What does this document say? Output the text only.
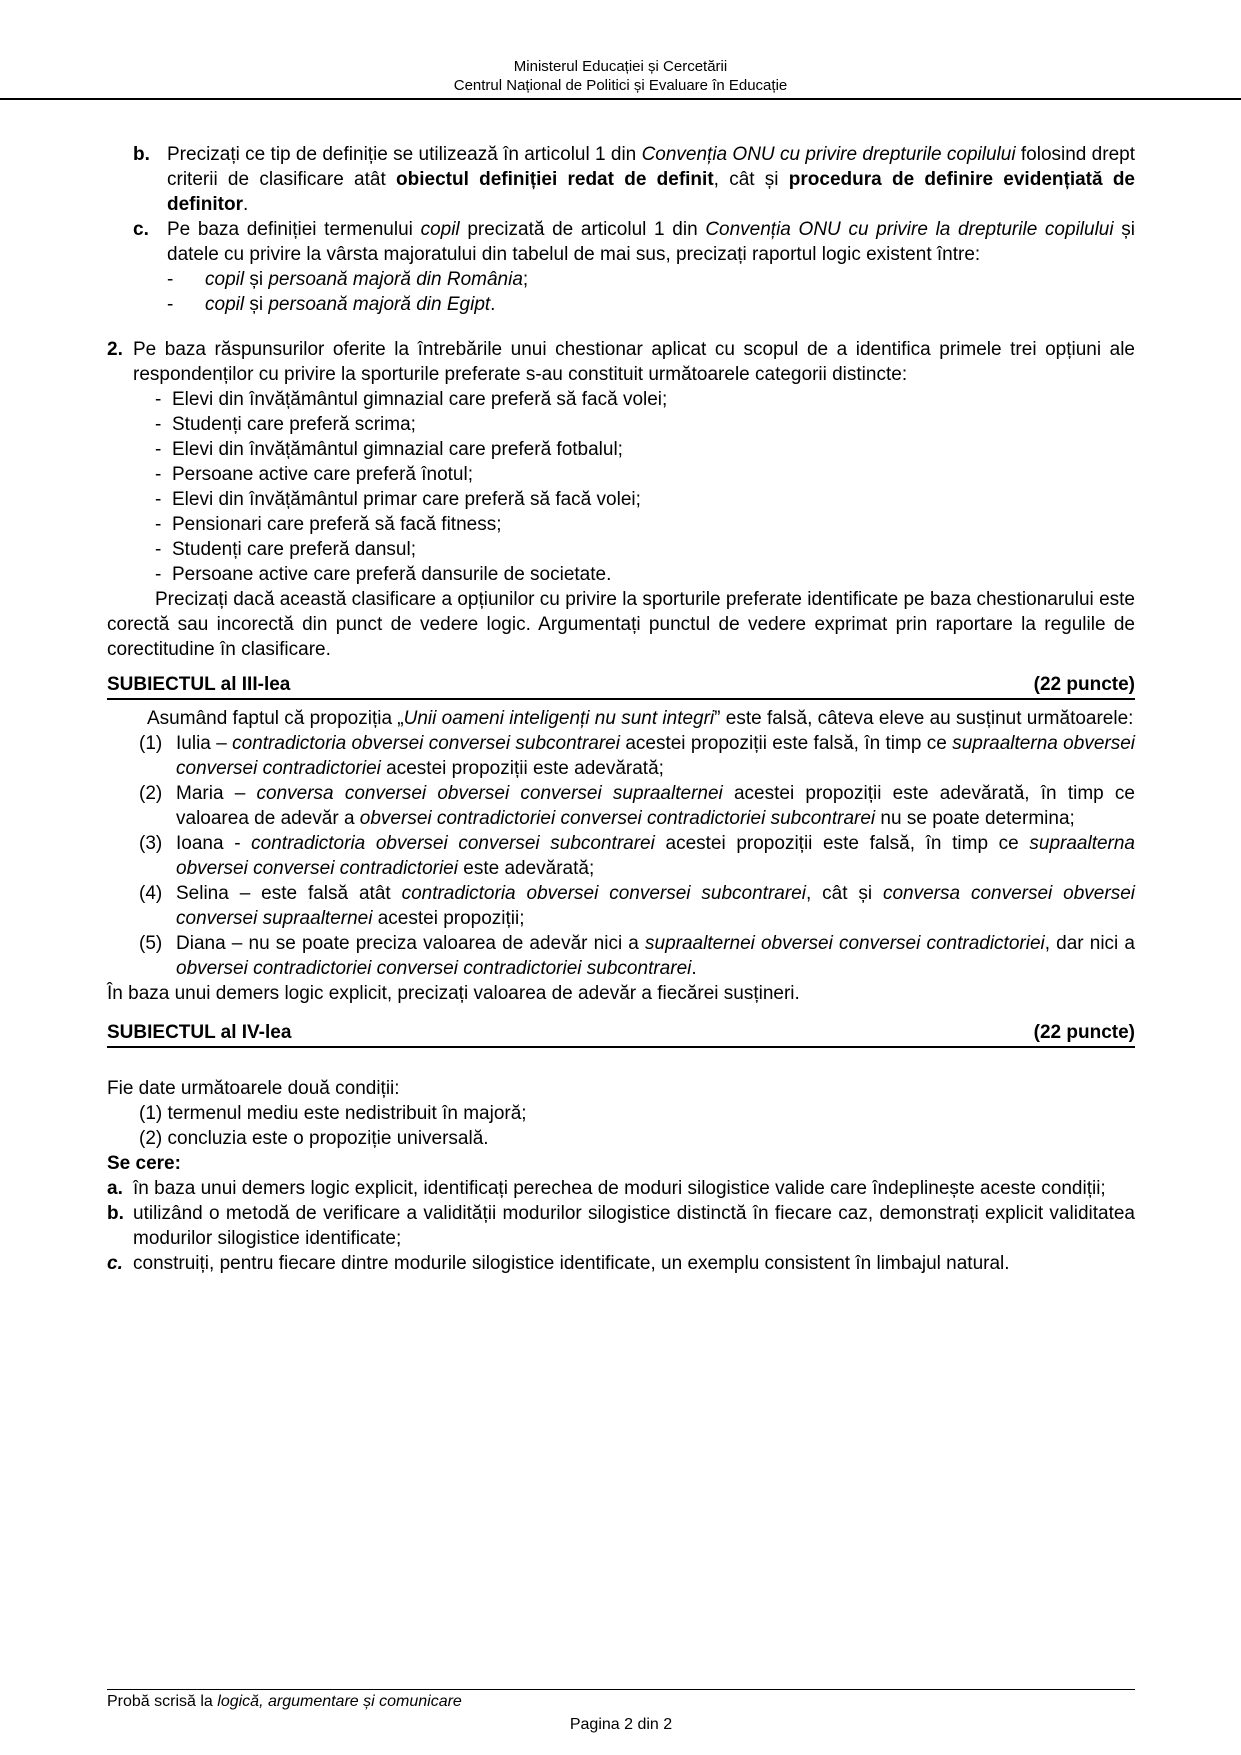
Ministerul Educației și Cercetării
Centrul Național de Politici și Evaluare în Educație
b. Precizați ce tip de definiție se utilizează în articolul 1 din Convenția ONU cu privire drepturile copilului folosind drept criterii de clasificare atât obiectul definiției redat de definit, cât și procedura de definire evidențiată de definitor.
c. Pe baza definiției termenului copil precizată de articolul 1 din Convenția ONU cu privire la drepturile copilului și datele cu privire la vârsta majoratului din tabelul de mai sus, precizați raportul logic existent între:
- copil și persoană majoră din România;
- copil și persoană majoră din Egipt.
2. Pe baza răspunsurilor oferite la întrebările unui chestionar aplicat cu scopul de a identifica primele trei opțiuni ale respondenților cu privire la sporturile preferate s-au constituit următoarele categorii distincte:
- Elevi din învățământul gimnazial care preferă să facă volei;
- Studenți care preferă scrima;
- Elevi din învățământul gimnazial care preferă fotbalul;
- Persoane active care preferă înotul;
- Elevi din învățământul primar care preferă să facă volei;
- Pensionari care preferă să facă fitness;
- Studenți care preferă dansul;
- Persoane active care preferă dansurile de societate.
Precizați dacă această clasificare a opțiunilor cu privire la sporturile preferate identificate pe baza chestionarului este corectă sau incorectă din punct de vedere logic. Argumentați punctul de vedere exprimat prin raportare la regulile de corectitudine în clasificare.
SUBIECTUL al III-lea	(22 puncte)
Asumând faptul că propoziția „Unii oameni inteligenți nu sunt integri” este falsă, câteva eleve au susținut următoarele:
(1) Iulia – contradictoria obversei conversei subcontrarei acestei propoziții este falsă, în timp ce supraalterna obversei conversei contradictoriei acestei propoziții este adevărată;
(2) Maria – conversa conversei obversei conversei supraalternei acestei propoziții este adevărată, în timp ce valoarea de adevăr a obversei contradictoriei conversei contradictoriei subcontrarei nu se poate determina;
(3) Ioana - contradictoria obversei conversei subcontrarei acestei propoziții este falsă, în timp ce supraalterna obversei conversei contradictoriei este adevărată;
(4) Selina – este falsă atât contradictoria obversei conversei subcontrarei, cât și conversa conversei obversei conversei supraalternei acestei propoziții;
(5) Diana – nu se poate preciza valoarea de adevăr nici a supraalternei obversei conversei contradictoriei, dar nici a obversei contradictoriei conversei contradictoriei subcontrarei.
În baza unui demers logic explicit, precizați valoarea de adevăr a fiecărei susțineri.
SUBIECTUL al IV-lea	(22 puncte)
Fie date următoarele două condiții:
(1) termenul mediu este nedistribuit în majoră;
(2) concluzia este o propoziție universală.
Se cere:
a. în baza unui demers logic explicit, identificați perechea de moduri silogistice valide care îndeplinește aceste condiții;
b. utilizând o metodă de verificare a validității modurilor silogistice distinctă în fiecare caz, demonstrați explicit validitatea modurilor silogistice identificate;
c. construiți, pentru fiecare dintre modurile silogistice identificate, un exemplu consistent în limbajul natural.
Probă scrisă la logică, argumentare și comunicare
Pagina 2 din 2
